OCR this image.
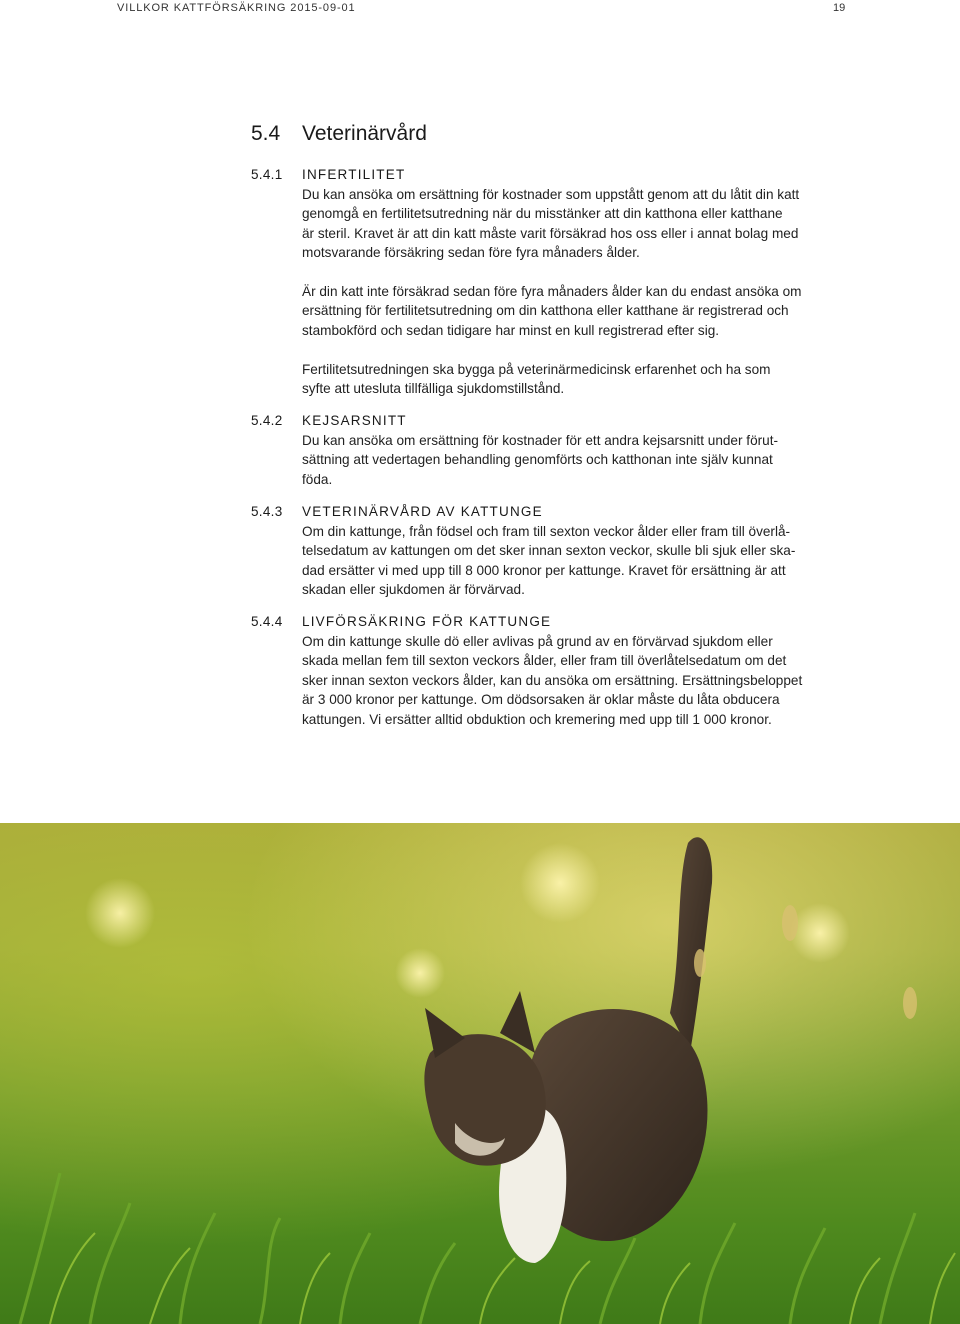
VILLKOR KATTFÖRSÄKRING 2015-09-01	19
5.4 Veterinärvård
5.4.1 INFERTILITET

Du kan ansöka om ersättning för kostnader som uppstått genom att du låtit din katt
genomgå en fertilitetsutredning när du misstänker att din katthona eller katthane
är steril. Kravet är att din katt måste varit försäkrad hos oss eller i annat bolag med
motsvarande försäkring sedan före fyra månaders ålder.

Är din katt inte försäkrad sedan före fyra månaders ålder kan du endast ansöka om
ersättning för fertilitetsutredning om din katthona eller katthane är registrerad och
stambokförd och sedan tidigare har minst en kull registrerad efter sig.

Fertilitetsutredningen ska bygga på veterinärmedicinsk erfarenhet och ha som
syfte att utesluta tillfälliga sjukdomstillstånd.

5.4.2 KEJSARSNITT

Du kan ansöka om ersättning för kostnader för ett andra kejsarsnitt under förut-
sättning att vedertagen behandling genomförts och katthonan inte själv kunnat
föda.

5.4.3 VETERINÄRVÅRD AV KATTUNGE

Om din kattunge, från födsel och fram till sexton veckor ålder eller fram till överlå-
telsedatum av kattungen om det sker innan sexton veckor, skulle bli sjuk eller ska-
dad ersätter vi med upp till 8 000 kronor per kattunge. Kravet för ersättning är att
skadan eller sjukdomen är förvärvad.

5.4.4 LIVFÖRSÄKRING FÖR KATTUNGE

Om din kattunge skulle dö eller avlivas på grund av en förvärvad sjukdom eller
skada mellan fem till sexton veckors ålder, eller fram till överlåtelsedatum om det
sker innan sexton veckors ålder, kan du ansöka om ersättning. Ersättningsbeloppet
är 3 000 kronor per kattunge. Om dödsorsaken är oklar måste du låta obducera
kattungen. Vi ersätter alltid obduktion och kremering med upp till 1 000 kronor.
